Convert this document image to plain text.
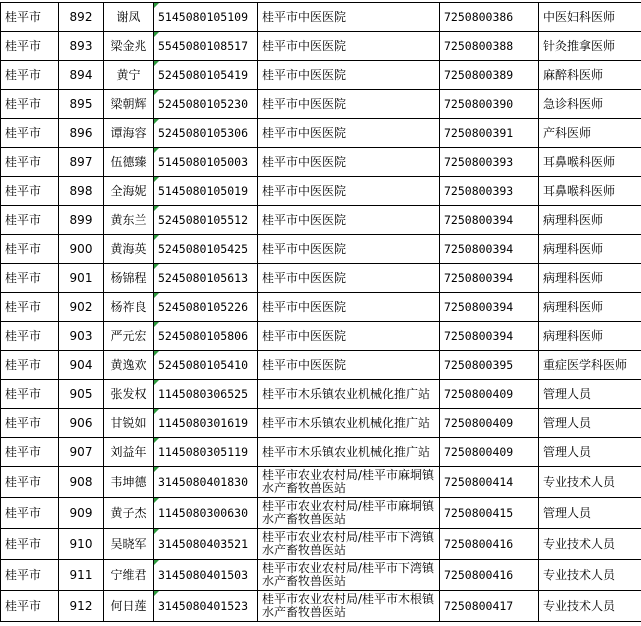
桂平市	892	谢凤	5145080105109	桂平市中医医院	7250800386	中医妇科医师
桂平市	893	梁金兆	5545080108517	桂平市中医医院	7250800388	针灸推拿医师
桂平市	894	黄宁	5245080105419	桂平市中医医院	7250800389	麻醉科医师
桂平市	895	梁朝辉	5245080105230	桂平市中医医院	7250800390	急诊科医师
桂平市	896	谭海容	5245080105306	桂平市中医医院	7250800391	产科医师
桂平市	897	伍德臻	5145080105003	桂平市中医医院	7250800393	耳鼻喉科医师
桂平市	898	全海妮	5145080105019	桂平市中医医院	7250800393	耳鼻喉科医师
桂平市	899	黄东兰	5245080105512	桂平市中医医院	7250800394	病理科医师
桂平市	900	黄海英	5245080105425	桂平市中医医院	7250800394	病理科医师
桂平市	901	杨锦程	5245080105613	桂平市中医医院	7250800394	病理科医师
桂平市	902	杨祚良	5245080105226	桂平市中医医院	7250800394	病理科医师
桂平市	903	严元宏	5245080105806	桂平市中医医院	7250800394	病理科医师
桂平市	904	黄逸欢	5245080105410	桂平市中医医院	7250800395	重症医学科医师
桂平市	905	张发权	1145080306525	桂平市木乐镇农业机械化推广站	7250800409	管理人员
桂平市	906	甘锐如	1145080301619	桂平市木乐镇农业机械化推广站	7250800409	管理人员
桂平市	907	刘益年	1145080305119	桂平市木乐镇农业机械化推广站	7250800409	管理人员
桂平市	908	韦坤德	3145080401830	桂平市农业农村局/桂平市麻垌镇
水产畜牧兽医站	7250800414	专业技术人员
桂平市	909	黄子杰	1145080300630	桂平市农业农村局/桂平市麻垌镇
水产畜牧兽医站	7250800415	管理人员
桂平市	910	吴晓军	3145080403521	桂平市农业农村局/桂平市下湾镇
水产畜牧兽医站	7250800416	专业技术人员
桂平市	911	宁维君	3145080401503	桂平市农业农村局/桂平市下湾镇
水产畜牧兽医站	7250800416	专业技术人员
桂平市	912	何日莲	3145080401523	桂平市农业农村局/桂平市木根镇
水产畜牧兽医站	7250800417	专业技术人员
